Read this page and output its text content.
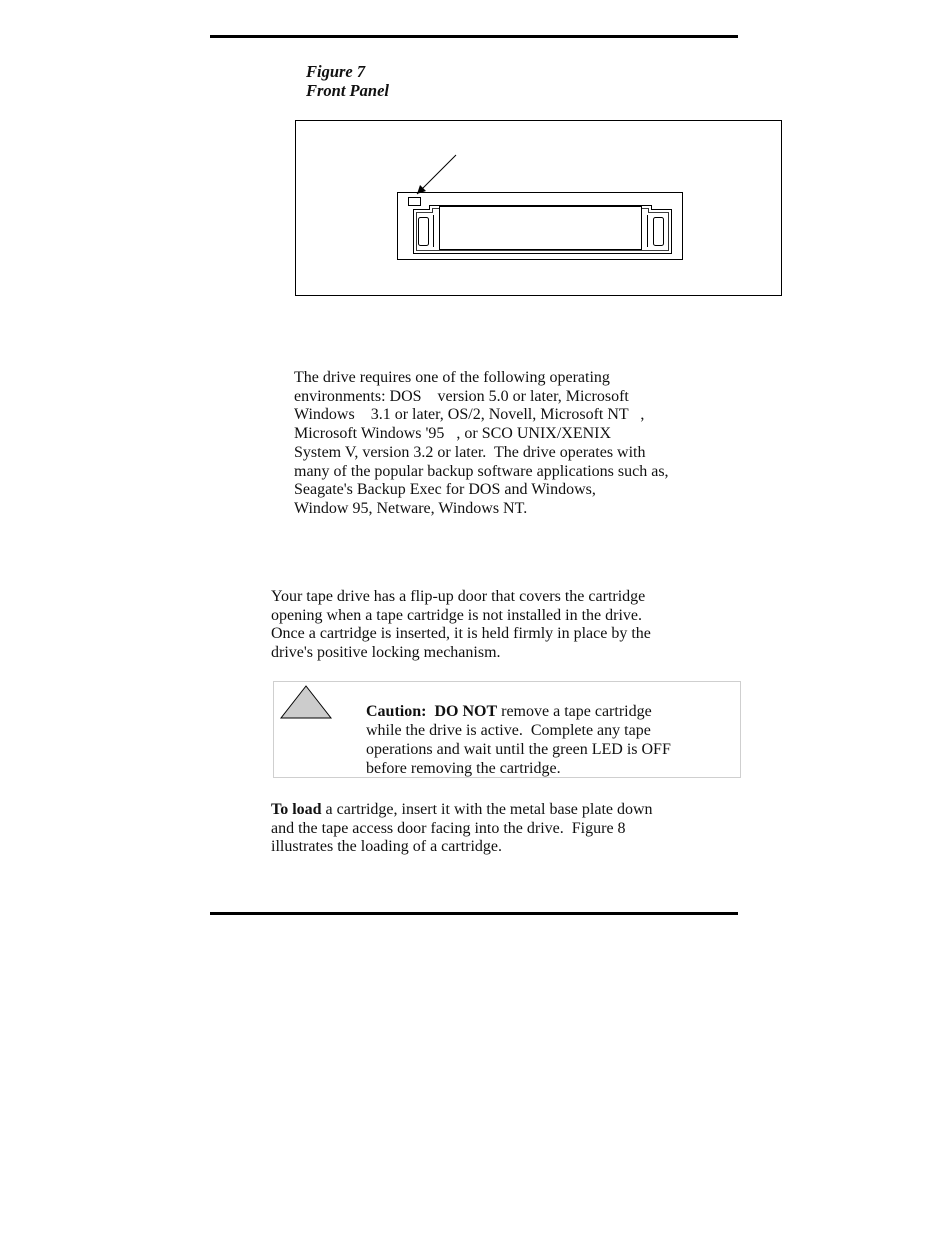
Figure 7
Front Panel
The drive requires one of the following operating
environments: DOS    version 5.0 or later, Microsoft
Windows    3.1 or later, OS/2, Novell, Microsoft NT   ,
Microsoft Windows '95   , or SCO UNIX/XENIX
System V, version 3.2 or later.  The drive operates with
many of the popular backup software applications such as,
Seagate's Backup Exec for DOS and Windows,
Window 95, Netware, Windows NT.
Your tape drive has a flip-up door that covers the cartridge
opening when a tape cartridge is not installed in the drive.
Once a cartridge is inserted, it is held firmly in place by the
drive's positive locking mechanism.
Caution: DO NOT remove a tape cartridge
while the drive is active.  Complete any tape
operations and wait until the green LED is OFF
before removing the cartridge.
To load a cartridge, insert it with the metal base plate down
and the tape access door facing into the drive.  Figure 8
illustrates the loading of a cartridge.
